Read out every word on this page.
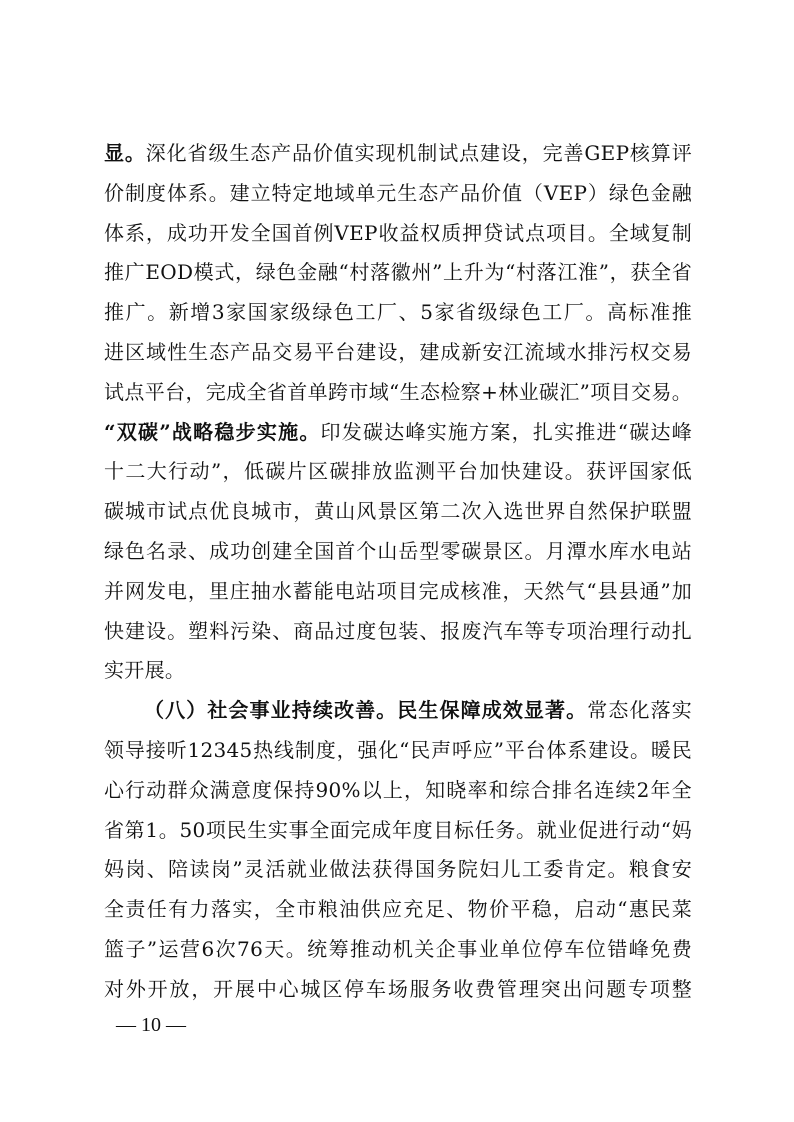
显。深化省级生态产品价值实现机制试点建设，完善GEP核算评
价制度体系。建立特定地域单元生态产品价值（VEP）绿色金融
体系，成功开发全国首例VEP收益权质押贷试点项目。全域复制
推广EOD模式，绿色金融“村落徽州”上升为“村落江淮”，获全省
推广。新增3家国家级绿色工厂、5家省级绿色工厂。高标准推
进区域性生态产品交易平台建设，建成新安江流域水排污权交易
试点平台，完成全省首单跨市域“生态检察+林业碳汇”项目交易。
“双碳”战略稳步实施。印发碳达峰实施方案，扎实推进“碳达峰
十二大行动”，低碳片区碳排放监测平台加快建设。获评国家低
碳城市试点优良城市，黄山风景区第二次入选世界自然保护联盟
绿色名录、成功创建全国首个山岳型零碳景区。月潭水库水电站
并网发电，里庄抽水蓄能电站项目完成核准，天然气“县县通”加
快建设。塑料污染、商品过度包装、报废汽车等专项治理行动扎
实开展。
（八）社会事业持续改善。民生保障成效显著。常态化落实
领导接听12345热线制度，强化“民声呼应”平台体系建设。暖民
心行动群众满意度保持90%以上，知晓率和综合排名连续2年全
省第1。50项民生实事全面完成年度目标任务。就业促进行动“妈
妈岗、陪读岗”灵活就业做法获得国务院妇儿工委肯定。粮食安
全责任有力落实，全市粮油供应充足、物价平稳，启动“惠民菜
篮子”运营6次76天。统筹推动机关企事业单位停车位错峰免费
对外开放，开展中心城区停车场服务收费管理突出问题专项整
— 10 —
